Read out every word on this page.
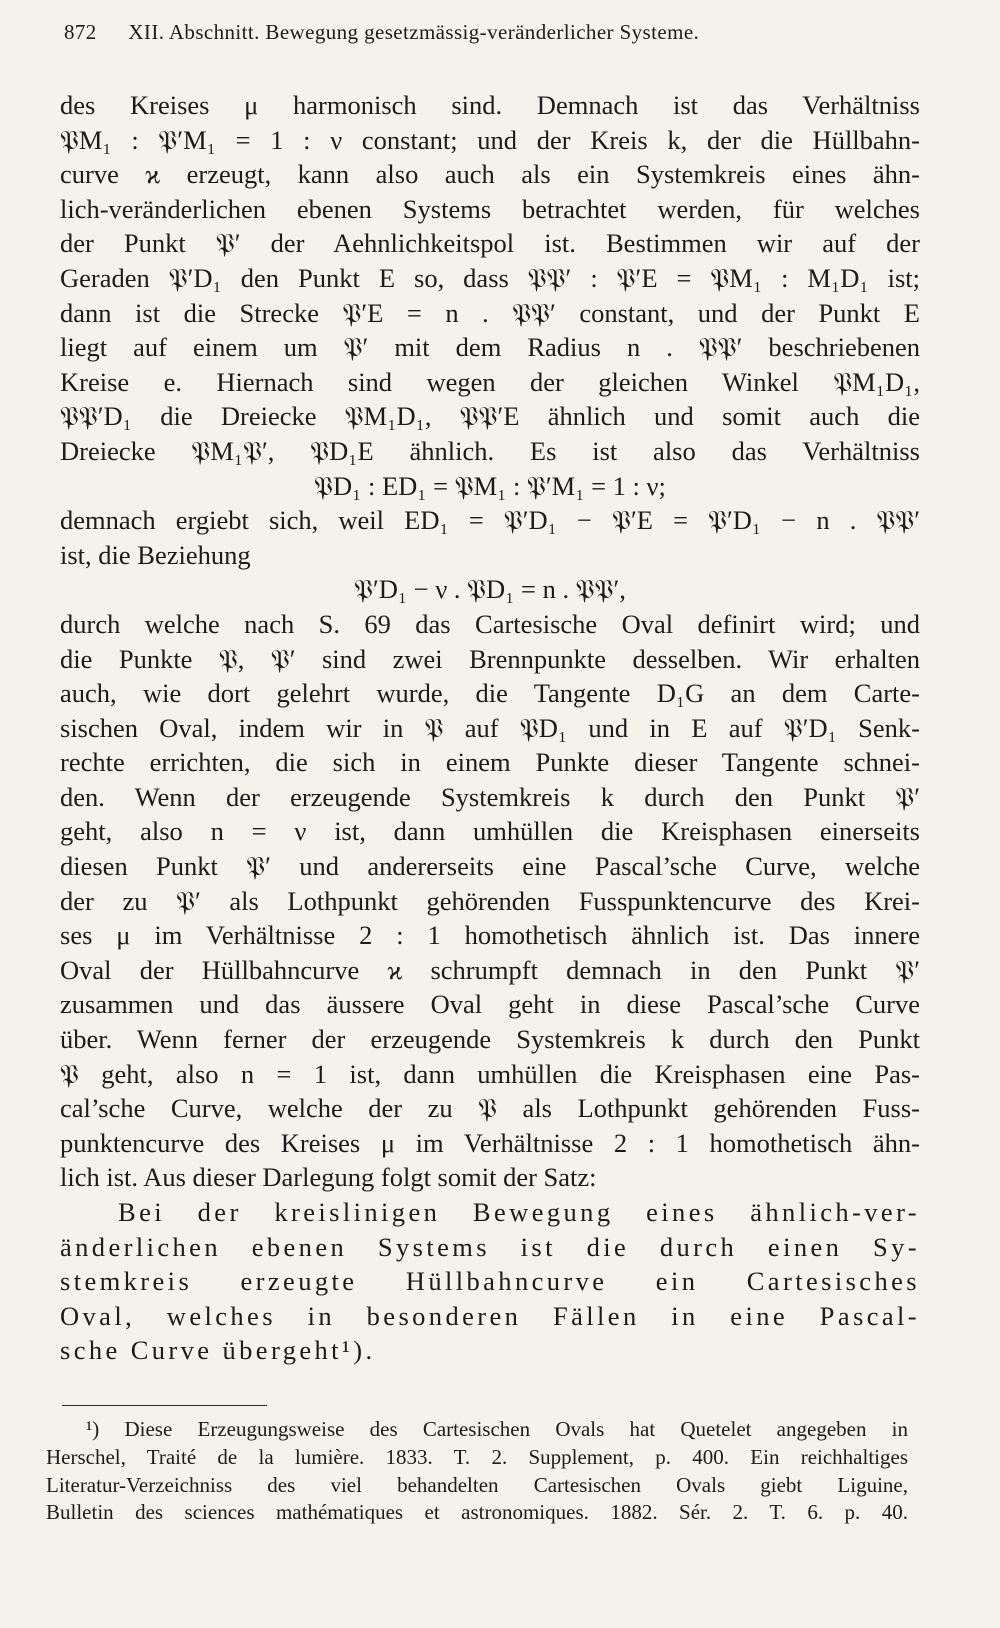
872 XII. Abschnitt. Bewegung gesetzmässig-veränderlicher Systeme.
des Kreises μ harmonisch sind. Demnach ist das Verhältniss
𝔓M₁ : 𝔓′M₁ = 1 : ν constant; und der Kreis k, der die Hüllbahn-
curve ϰ erzeugt, kann also auch als ein Systemkreis eines ähn-
lich-veränderlichen ebenen Systems betrachtet werden, für welches
der Punkt 𝔓′ der Aehnlichkeitspol ist. Bestimmen wir auf der
Geraden 𝔓′D₁ den Punkt E so, dass 𝔓𝔓′ : 𝔓′E = 𝔓M₁ : M₁D₁ ist;
dann ist die Strecke 𝔓′E = n . 𝔓𝔓′ constant, und der Punkt E
liegt auf einem um 𝔓′ mit dem Radius n . 𝔓𝔓′ beschriebenen
Kreise e. Hiernach sind wegen der gleichen Winkel 𝔓M₁D₁,
𝔓𝔓′D₁ die Dreiecke 𝔓M₁D₁, 𝔓𝔓′E ähnlich und somit auch die
Dreiecke 𝔓M₁𝔓′, 𝔓D₁E ähnlich. Es ist also das Verhältniss
𝔓D₁ : ED₁ = 𝔓M₁ : 𝔓′M₁ = 1 : ν;
demnach ergiebt sich, weil ED₁ = 𝔓′D₁ − 𝔓′E = 𝔓′D₁ − n . 𝔓𝔓′
ist, die Beziehung
𝔓′D₁ − ν . 𝔓D₁ = n . 𝔓𝔓′,
durch welche nach S. 69 das Cartesische Oval definirt wird; und
die Punkte 𝔓, 𝔓′ sind zwei Brennpunkte desselben. Wir erhalten
auch, wie dort gelehrt wurde, die Tangente D₁G an dem Carte-
sischen Oval, indem wir in 𝔓 auf 𝔓D₁ und in E auf 𝔓′D₁ Senk-
rechte errichten, die sich in einem Punkte dieser Tangente schnei-
den. Wenn der erzeugende Systemkreis k durch den Punkt 𝔓′
geht, also n = ν ist, dann umhüllen die Kreisphasen einerseits
diesen Punkt 𝔓′ und andererseits eine Pascal’sche Curve, welche
der zu 𝔓′ als Lothpunkt gehörenden Fusspunktencurve des Krei-
ses μ im Verhältnisse 2 : 1 homothetisch ähnlich ist. Das innere
Oval der Hüllbahncurve ϰ schrumpft demnach in den Punkt 𝔓′
zusammen und das äussere Oval geht in diese Pascal’sche Curve
über. Wenn ferner der erzeugende Systemkreis k durch den Punkt
𝔓 geht, also n = 1 ist, dann umhüllen die Kreisphasen eine Pas-
cal’sche Curve, welche der zu 𝔓 als Lothpunkt gehörenden Fuss-
punktencurve des Kreises μ im Verhältnisse 2 : 1 homothetisch ähn-
lich ist. Aus dieser Darlegung folgt somit der Satz:
Bei der kreislinigen Bewegung eines ähnlich-ver-
änderlichen ebenen Systems ist die durch einen Sy-
stemkreis erzeugte Hüllbahncurve ein Cartesisches
Oval, welches in besonderen Fällen in eine Pascal-
sche Curve übergeht¹).
¹) Diese Erzeugungsweise des Cartesischen Ovals hat Quetelet angegeben in
Herschel, Traité de la lumière. 1833. T. 2. Supplement, p. 400. Ein reichhaltiges
Literatur-Verzeichniss des viel behandelten Cartesischen Ovals giebt Liguine,
Bulletin des sciences mathématiques et astronomiques. 1882. Sér. 2. T. 6. p. 40.
